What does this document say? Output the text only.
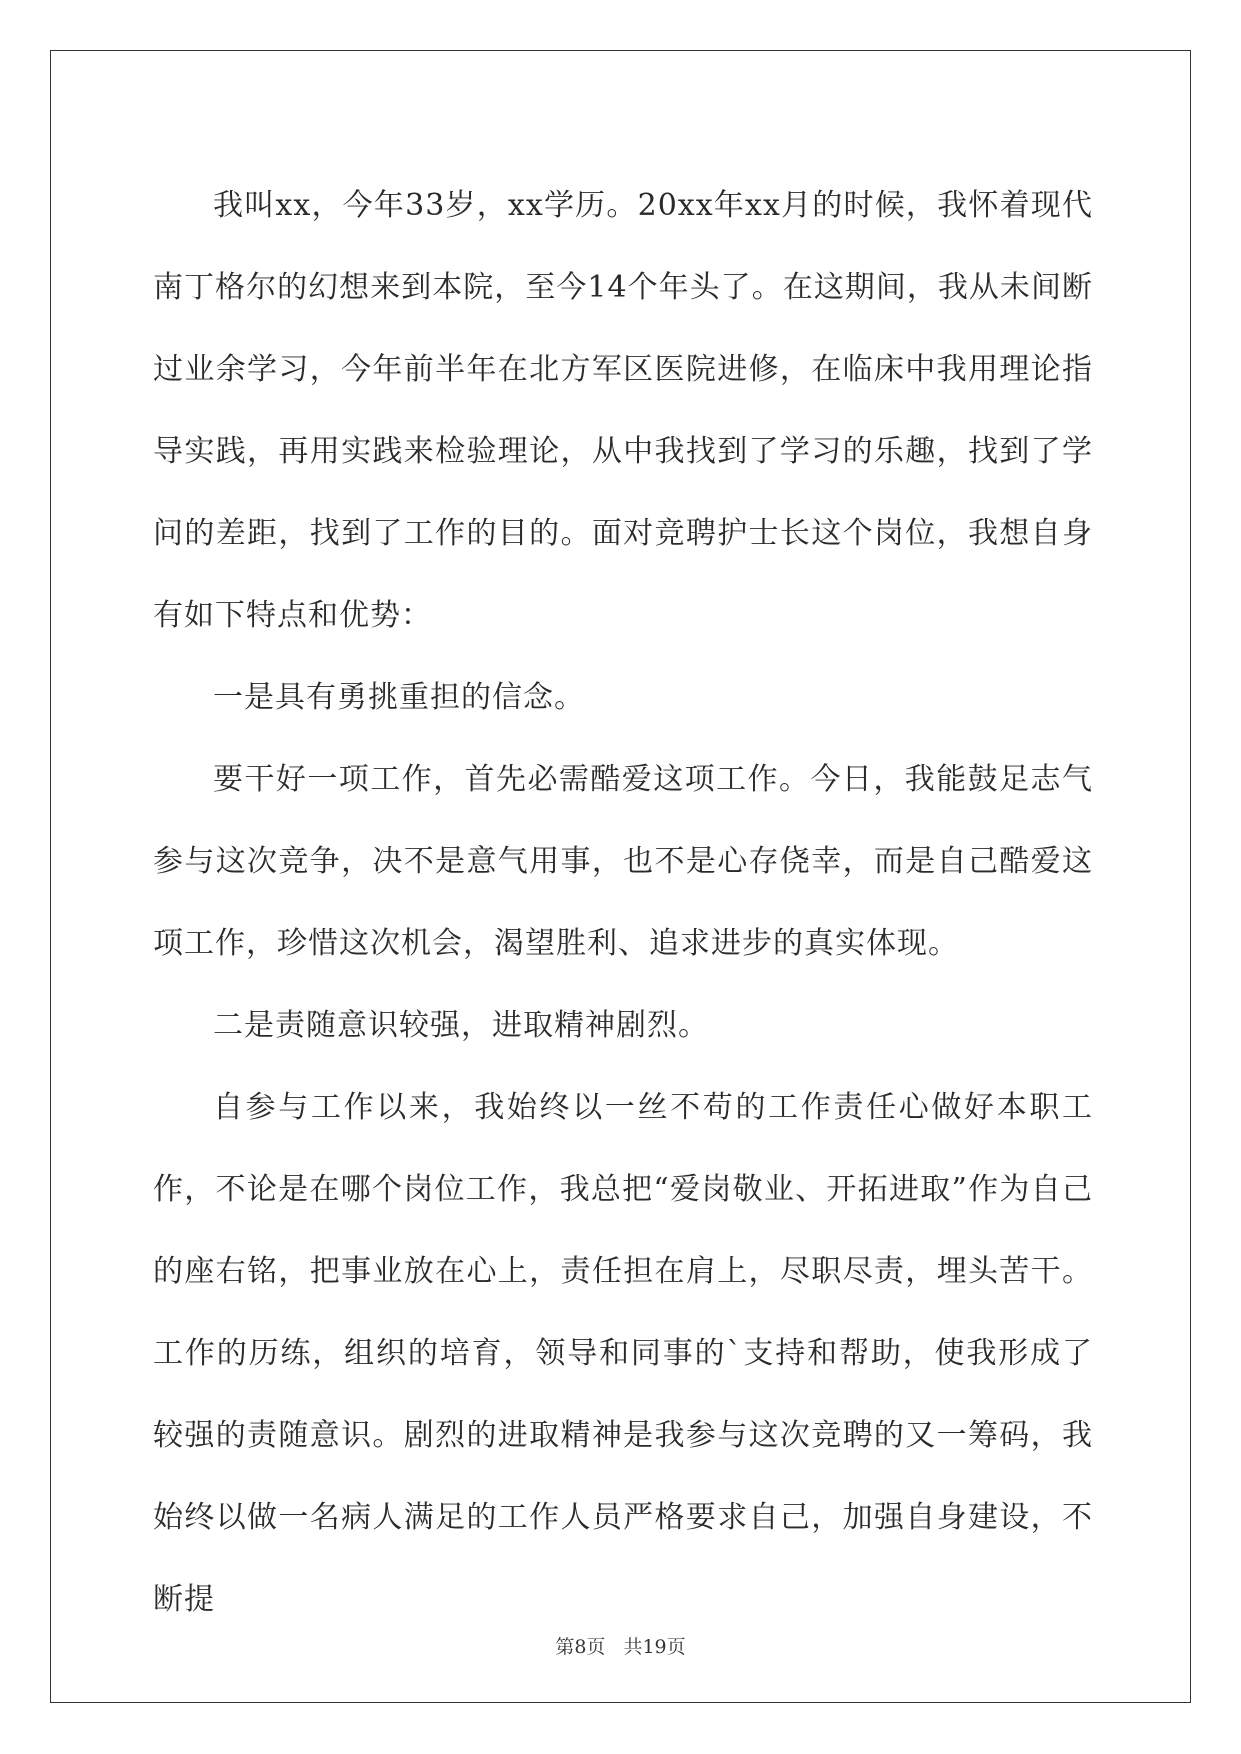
我叫xx，今年33岁，xx学历。20xx年xx月的时候，我怀着现代南丁格尔的幻想来到本院，至今14个年头了。在这期间，我从未间断过业余学习，今年前半年在北方军区医院进修，在临床中我用理论指导实践，再用实践来检验理论，从中我找到了学习的乐趣，找到了学问的差距，找到了工作的目的。面对竞聘护士长这个岗位，我想自身有如下特点和优势：

一是具有勇挑重担的信念。

要干好一项工作，首先必需酷爱这项工作。今日，我能鼓足志气参与这次竞争，决不是意气用事，也不是心存侥幸，而是自己酷爱这项工作，珍惜这次机会，渴望胜利、追求进步的真实体现。

二是责随意识较强，进取精神剧烈。

自参与工作以来，我始终以一丝不苟的工作责任心做好本职工作，不论是在哪个岗位工作，我总把“爱岗敬业、开拓进取”作为自己的座右铭，把事业放在心上，责任担在肩上，尽职尽责，埋头苦干。工作的历练，组织的培育，领导和同事的`支持和帮助，使我形成了较强的责随意识。剧烈的进取精神是我参与这次竞聘的又一筹码，我始终以做一名病人满足的工作人员严格要求自己，加强自身建设，不断提

第8页 共19页
